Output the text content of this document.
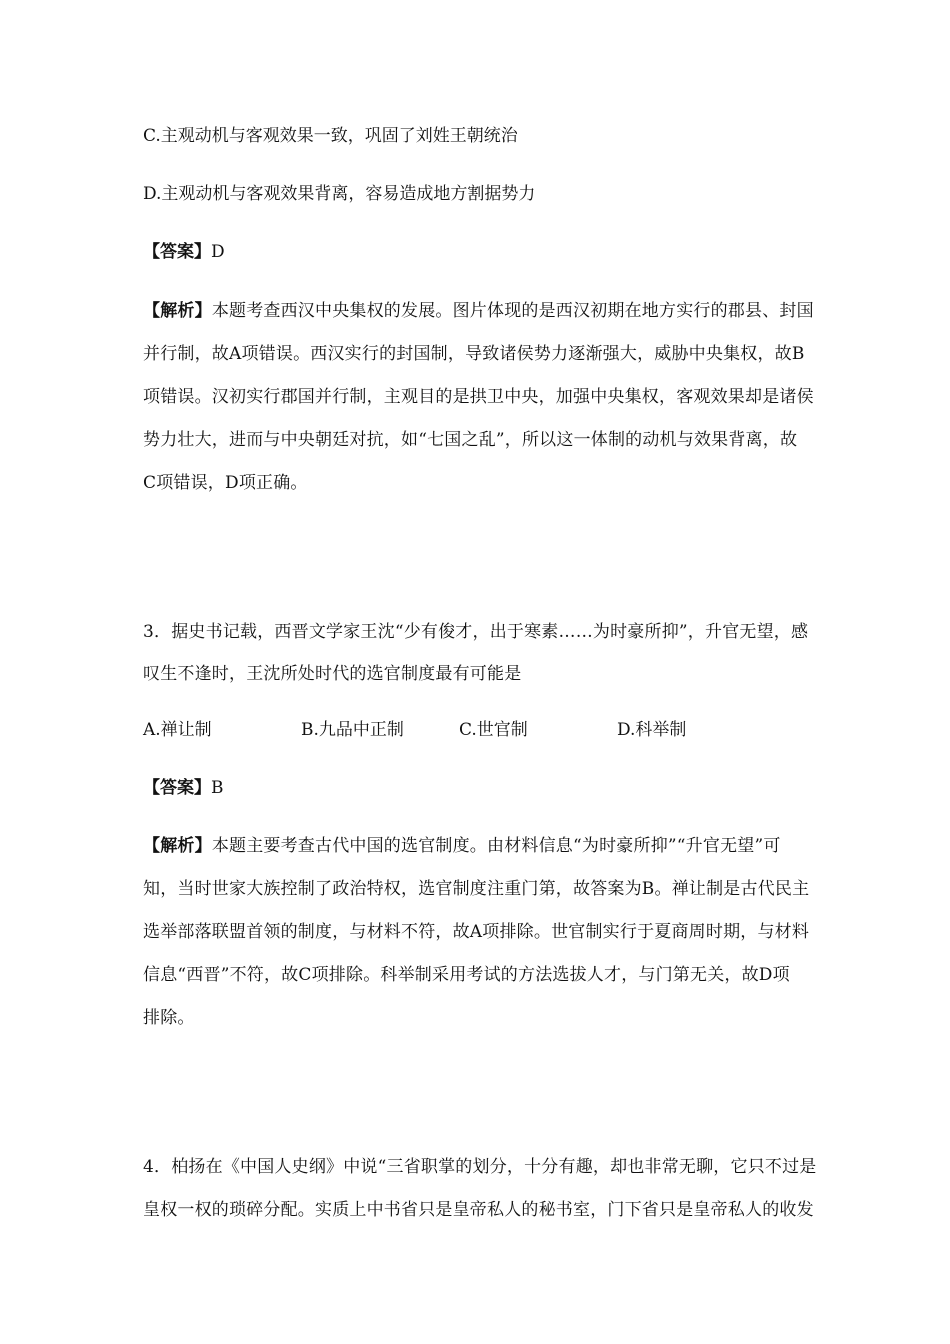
C.主观动机与客观效果一致，巩固了刘姓王朝统治
D.主观动机与客观效果背离，容易造成地方割据势力
【答案】D
【解析】本题考查西汉中央集权的发展。图片体现的是西汉初期在地方实行的郡县、封国
并行制，故A项错误。西汉实行的封国制，导致诸侯势力逐渐强大，威胁中央集权，故B
项错误。汉初实行郡国并行制，主观目的是拱卫中央，加强中央集权，客观效果却是诸侯
势力壮大，进而与中央朝廷对抗，如“七国之乱”，所以这一体制的动机与效果背离，故
C项错误，D项正确。
3．据史书记载，西晋文学家王沈“少有俊才，出于寒素……为时豪所抑”，升官无望，感
叹生不逢时，王沈所处时代的选官制度最有可能是
A.禅让制	B.九品中正制	C.世官制	D.科举制
【答案】B
【解析】本题主要考查古代中国的选官制度。由材料信息“为时豪所抑”“升官无望”可
知，当时世家大族控制了政治特权，选官制度注重门第，故答案为B。禅让制是古代民主
选举部落联盟首领的制度，与材料不符，故A项排除。世官制实行于夏商周时期，与材料
信息“西晋”不符，故C项排除。科举制采用考试的方法选拔人才，与门第无关，故D项
排除。
4．柏扬在《中国人史纲》中说“三省职掌的划分，十分有趣，却也非常无聊，它只不过是
皇权一权的琐碎分配。实质上中书省只是皇帝私人的秘书室，门下省只是皇帝私人的收发
